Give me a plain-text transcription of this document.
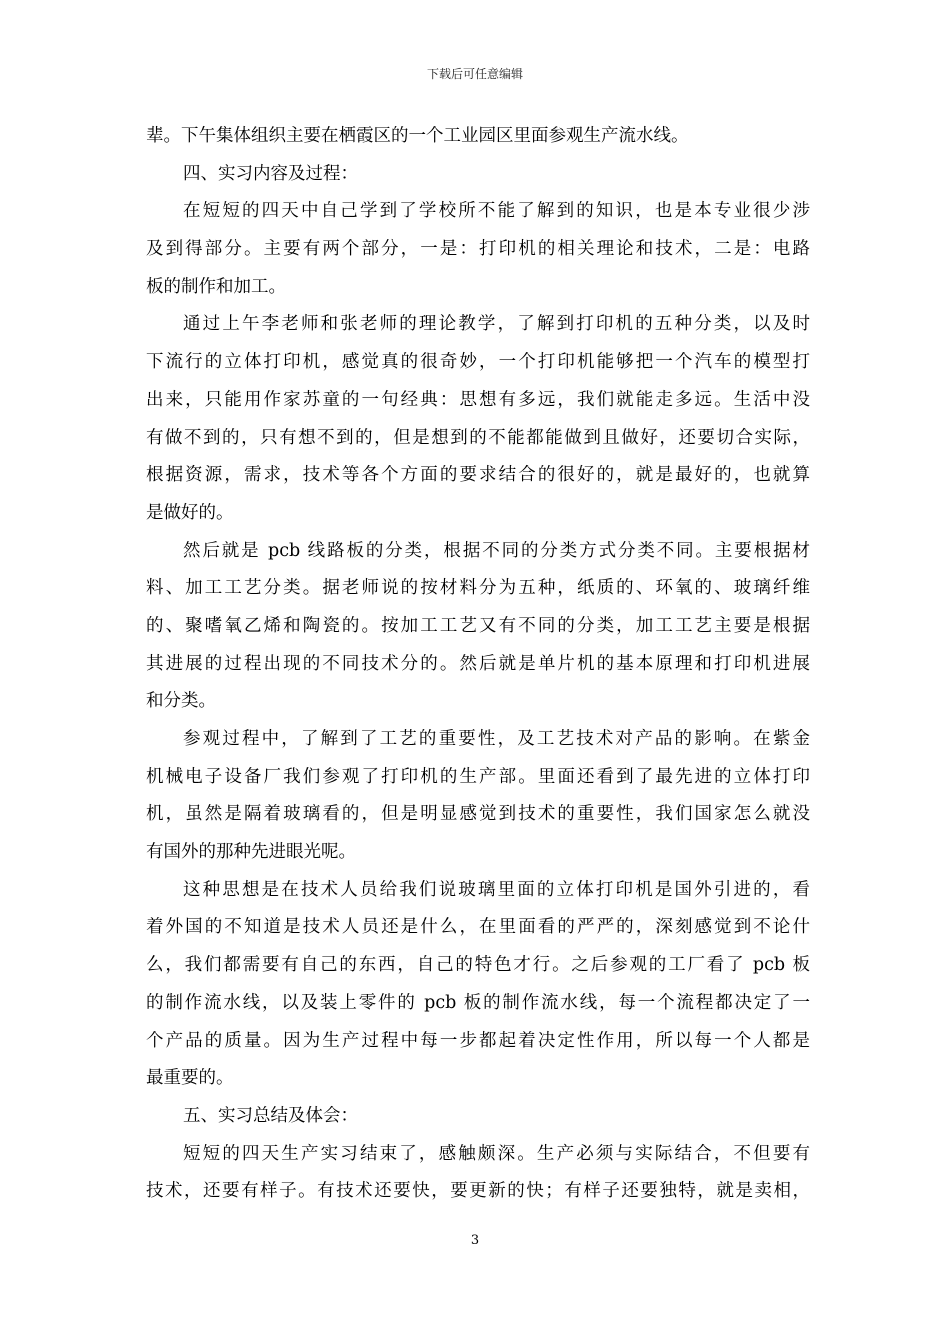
下载后可任意编辑
辈。下午集体组织主要在栖霞区的一个工业园区里面参观生产流水线。
四、实习内容及过程：
在短短的四天中自己学到了学校所不能了解到的知识，也是本专业很少涉
及到得部分。主要有两个部分，一是：打印机的相关理论和技术，二是：电路
板的制作和加工。
通过上午李老师和张老师的理论教学，了解到打印机的五种分类，以及时
下流行的立体打印机，感觉真的很奇妙，一个打印机能够把一个汽车的模型打
出来，只能用作家苏童的一句经典：思想有多远，我们就能走多远。生活中没
有做不到的，只有想不到的，但是想到的不能都能做到且做好，还要切合实际，
根据资源，需求，技术等各个方面的要求结合的很好的，就是最好的，也就算
是做好的。
然后就是 pcb 线路板的分类，根据不同的分类方式分类不同。主要根据材
料、加工工艺分类。据老师说的按材料分为五种，纸质的、环氧的、玻璃纤维
的、聚嗜氧乙烯和陶瓷的。按加工工艺又有不同的分类，加工工艺主要是根据
其进展的过程出现的不同技术分的。然后就是单片机的基本原理和打印机进展
和分类。
参观过程中，了解到了工艺的重要性，及工艺技术对产品的影响。在紫金
机械电子设备厂我们参观了打印机的生产部。里面还看到了最先进的立体打印
机，虽然是隔着玻璃看的，但是明显感觉到技术的重要性，我们国家怎么就没
有国外的那种先进眼光呢。
这种思想是在技术人员给我们说玻璃里面的立体打印机是国外引进的，看
着外国的不知道是技术人员还是什么，在里面看的严严的，深刻感觉到不论什
么，我们都需要有自己的东西，自己的特色才行。之后参观的工厂看了 pcb 板
的制作流水线，以及装上零件的 pcb 板的制作流水线，每一个流程都决定了一
个产品的质量。因为生产过程中每一步都起着决定性作用，所以每一个人都是
最重要的。
五、实习总结及体会：
短短的四天生产实习结束了，感触颇深。生产必须与实际结合，不但要有
技术，还要有样子。有技术还要快，要更新的快；有样子还要独特，就是卖相，
3
